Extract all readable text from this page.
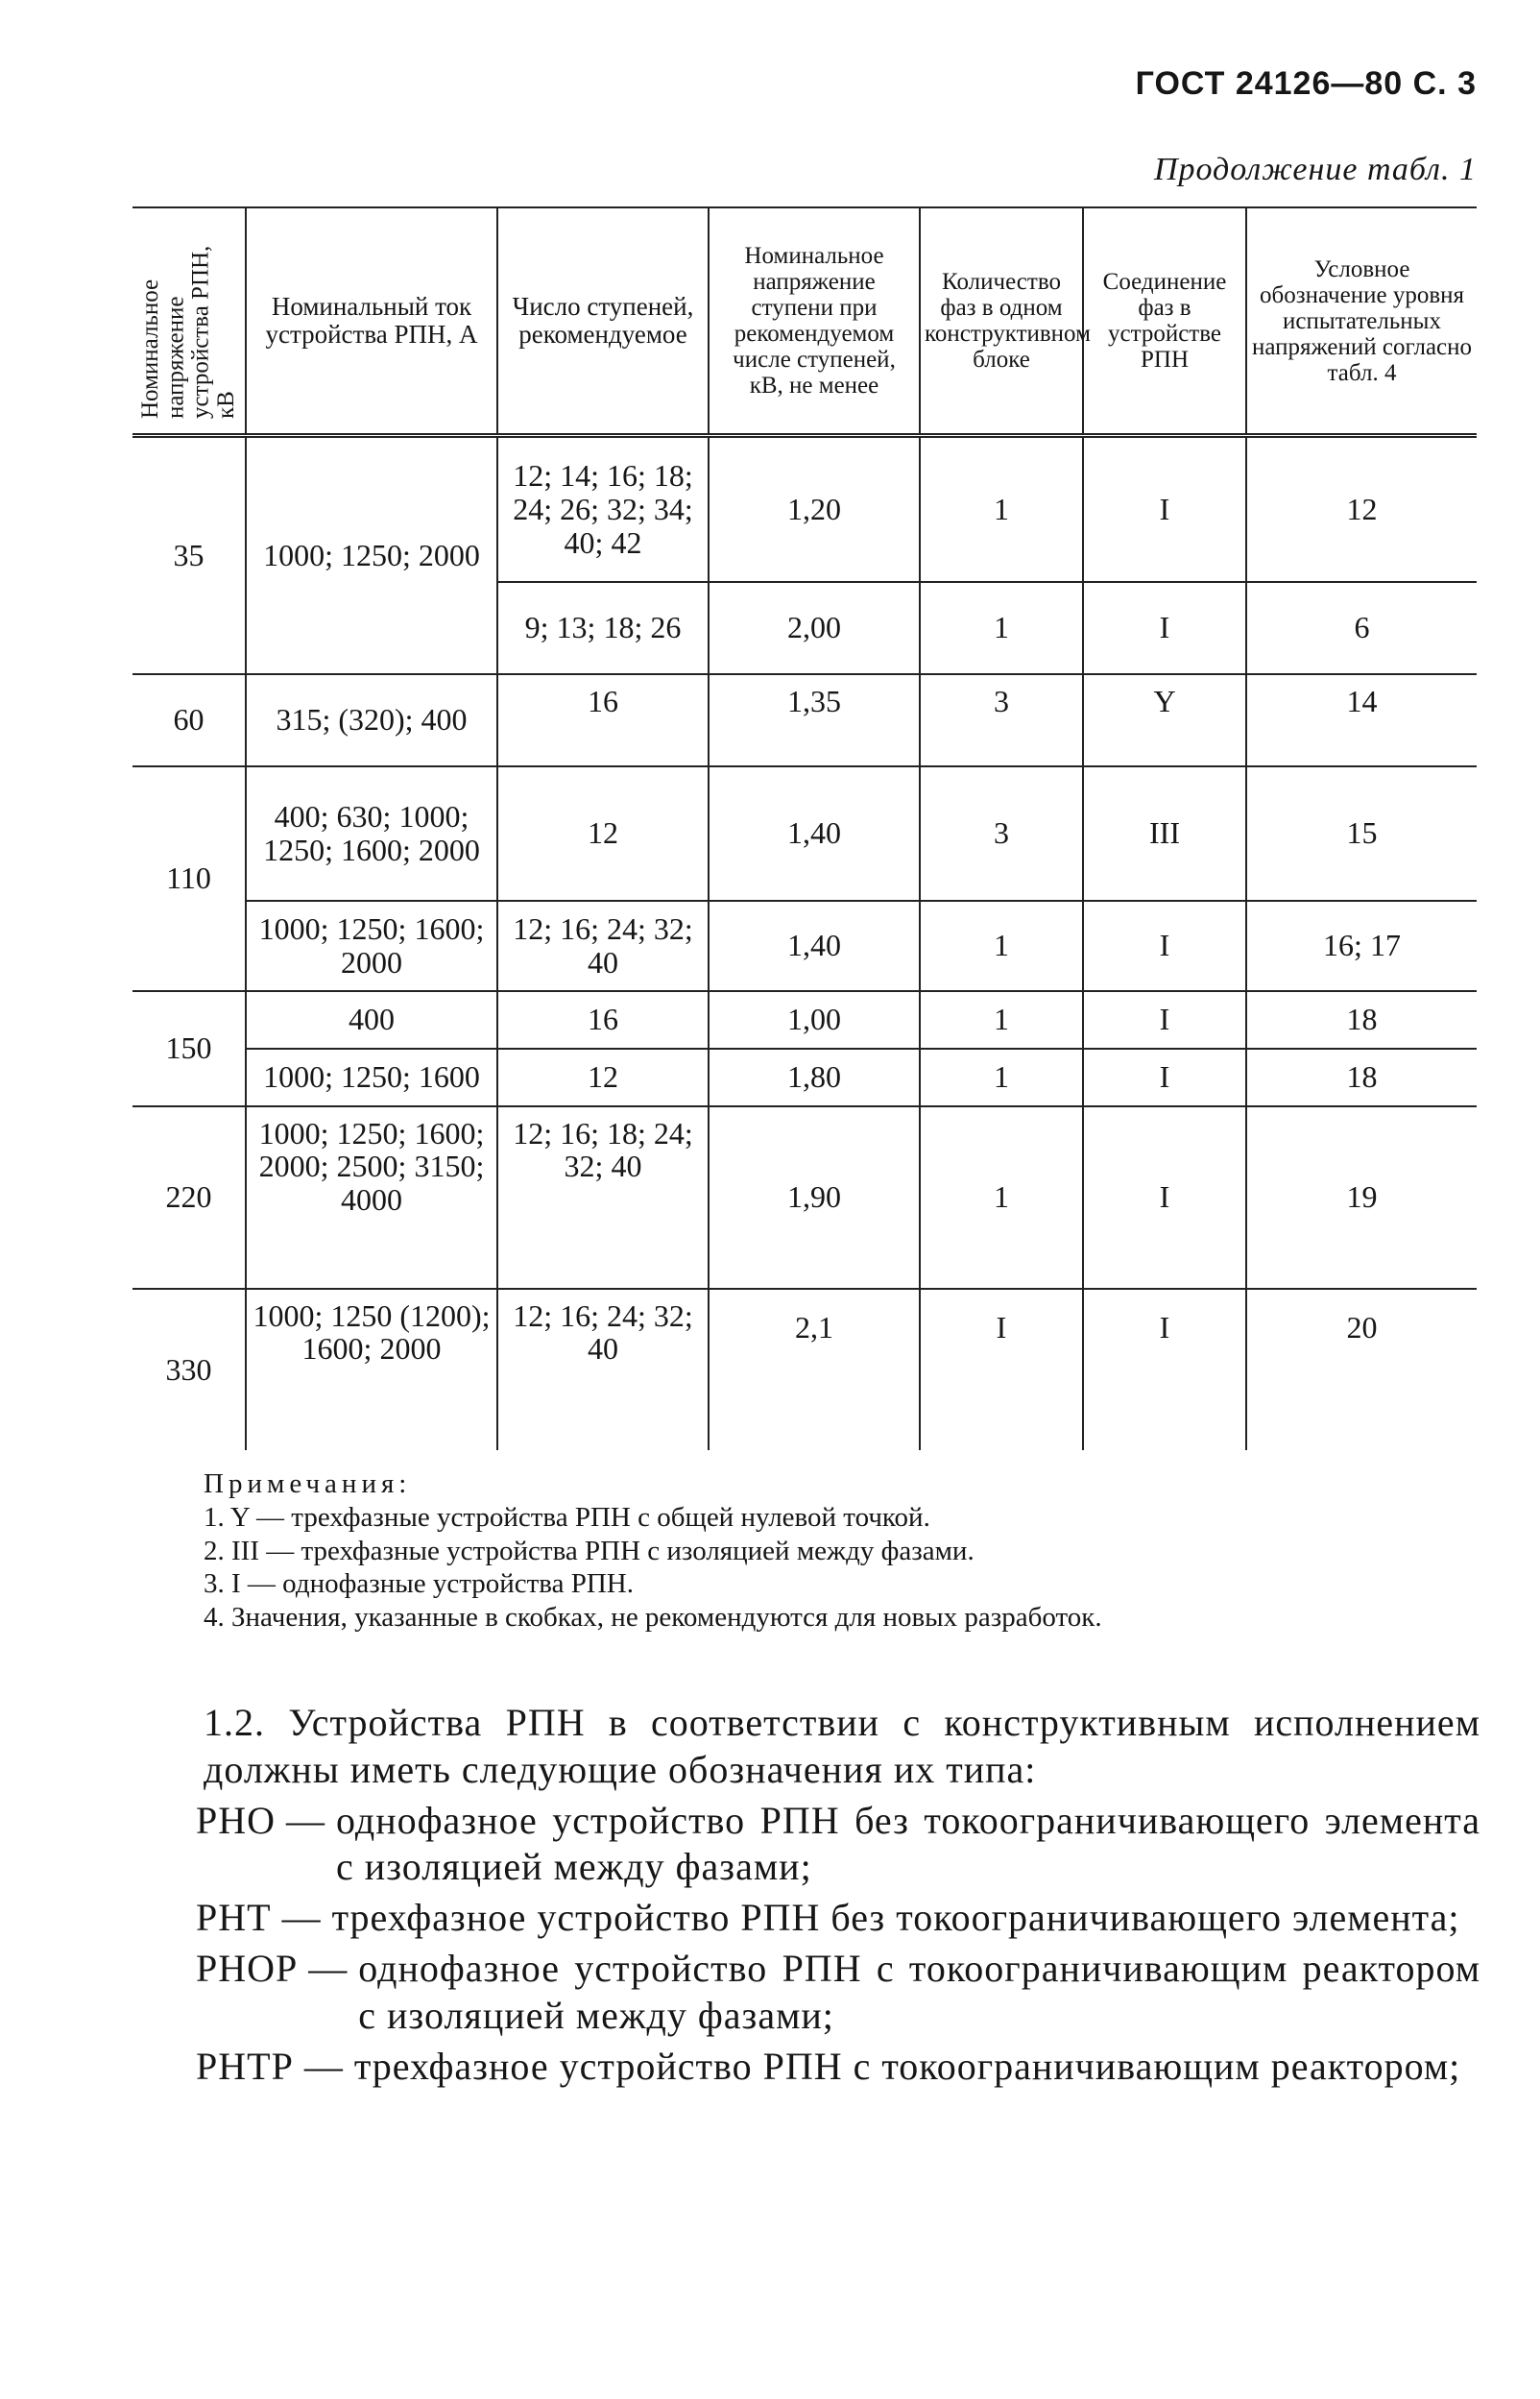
ГОСТ 24126—80 С. 3
Продолжение табл. 1
Номинальное напряжение устройства РПН, кВ	Номинальный ток устройства РПН, А	Число ступеней, рекомендуемое	Номинальное напряжение ступени при рекомендуемом числе ступеней, кВ, не менее	Количество фаз в одном конструктивном блоке	Соединение фаз в устройстве РПН	Условное обозначение уровня испытательных напряжений согласно табл. 4
35	1000; 1250; 2000	12; 14; 16; 18; 24; 26; 32; 34; 40; 42	1,20	1	I	12
		9; 13; 18; 26	2,00	1	I	6
60	315; (320); 400	16	1,35	3	Y	14
110	400; 630; 1000; 1250; 1600; 2000	12	1,40	3	III	15
	1000; 1250; 1600; 2000	12; 16; 24; 32; 40	1,40	1	I	16; 17
150	400	16	1,00	1	I	18
	1000; 1250; 1600	12	1,80	1	I	18
220	1000; 1250; 1600; 2000; 2500; 3150; 4000	12; 16; 18; 24; 32; 40	1,90	1	I	19
330	1000; 1250 (1200); 1600; 2000	12; 16; 24; 32; 40	2,1	I	I	20

Примечания:

1. Y — трехфазные устройства РПН с общей нулевой точкой.

2. III — трехфазные устройства РПН с изоляцией между фазами.

3. I — однофазные устройства РПН.

4. Значения, указанные в скобках, не рекомендуются для новых разработок.

1.2. Устройства РПН в соответствии с конструктивным исполнением должны иметь следующие обозначения их типа:

РНО — однофазное устройство РПН без токоограничивающего элемента с изоляцией между фазами;
РНТ — трехфазное устройство РПН без токоограничивающего элемента;
РНОР — однофазное устройство РПН с токоограничивающим реактором с изоляцией между фазами;
РНТР — трехфазное устройство РПН с токоограничивающим реактором;
